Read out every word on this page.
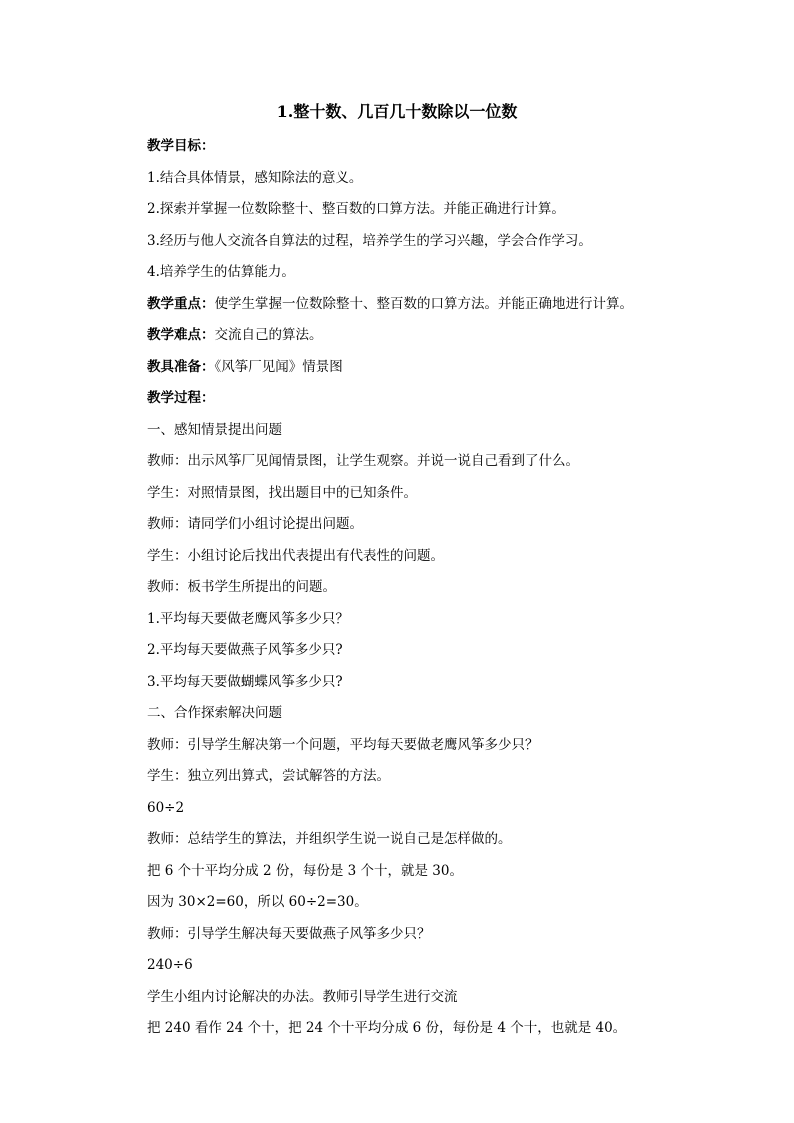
1.整十数、几百几十数除以一位数
教学目标：
1.结合具体情景，感知除法的意义。
2.探索并掌握一位数除整十、整百数的口算方法。并能正确进行计算。
3.经历与他人交流各自算法的过程，培养学生的学习兴趣，学会合作学习。
4.培养学生的估算能力。
教学重点：使学生掌握一位数除整十、整百数的口算方法。并能正确地进行计算。
教学难点：交流自己的算法。
教具准备：《风筝厂见闻》情景图
教学过程：
一、感知情景提出问题
教师：出示风筝厂见闻情景图，让学生观察。并说一说自己看到了什么。
学生：对照情景图，找出题目中的已知条件。
教师：请同学们小组讨论提出问题。
学生：小组讨论后找出代表提出有代表性的问题。
教师：板书学生所提出的问题。
1.平均每天要做老鹰风筝多少只？
2.平均每天要做燕子风筝多少只?
3.平均每天要做蝴蝶风筝多少只?
二、合作探索解决问题
教师：引导学生解决第一个问题，平均每天要做老鹰风筝多少只？
学生：独立列出算式，尝试解答的方法。
60÷2
教师：总结学生的算法，并组织学生说一说自己是怎样做的。
把 6 个十平均分成 2 份，每份是 3 个十，就是 30。
因为 30×2=60，所以 60÷2=30。
教师：引导学生解决每天要做燕子风筝多少只？
240÷6
学生小组内讨论解决的办法。教师引导学生进行交流
把 240 看作 24 个十，把 24 个十平均分成 6 份，每份是 4 个十，也就是 40。
